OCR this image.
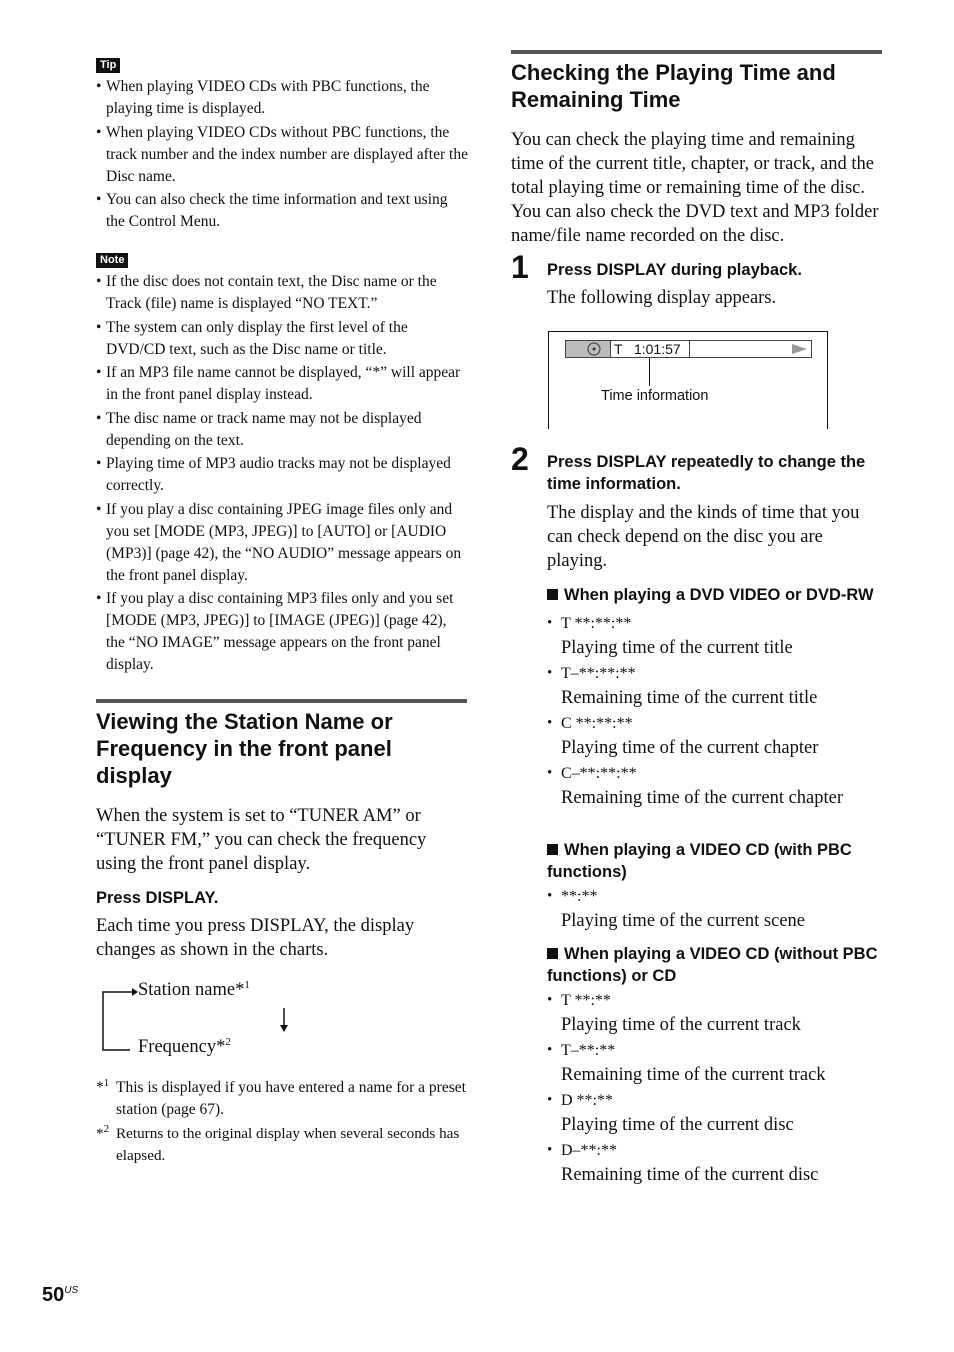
Tip
• When playing VIDEO CDs with PBC functions, the playing time is displayed.
• When playing VIDEO CDs without PBC functions, the track number and the index number are displayed after the Disc name.
• You can also check the time information and text using the Control Menu.
Note
• If the disc does not contain text, the Disc name or the Track (file) name is displayed “NO TEXT.”
• The system can only display the first level of the DVD/CD text, such as the Disc name or title.
• If an MP3 file name cannot be displayed, “*” will appear in the front panel display instead.
• The disc name or track name may not be displayed depending on the text.
• Playing time of MP3 audio tracks may not be displayed correctly.
• If you play a disc containing JPEG image files only and you set [MODE (MP3, JPEG)] to [AUTO] or [AUDIO (MP3)] (page 42), the “NO AUDIO” message appears on the front panel display.
• If you play a disc containing MP3 files only and you set [MODE (MP3, JPEG)] to [IMAGE (JPEG)] (page 42), the “NO IMAGE” message appears on the front panel display.
Viewing the Station Name or Frequency in the front panel display

When the system is set to “TUNER AM” or “TUNER FM,” you can check the frequency using the front panel display.

Press DISPLAY.

Each time you press DISPLAY, the display changes as shown in the charts.

Station name*$^1$
Frequency*$^2$
*$^1$ This is displayed if you have entered a name for a preset station (page 67).
*$^2$ Returns to the original display when several seconds has elapsed.
Checking the Playing Time and Remaining Time

You can check the playing time and remaining time of the current title, chapter, or track, and the total playing time or remaining time of the disc. You can also check the DVD text and MP3 folder name/file name recorded on the disc.

1 Press DISPLAY during playback.

The following display appears.

T   1:01:57
Time information
2 Press DISPLAY repeatedly to change the time information.

The display and the kinds of time that you can check depend on the disc you are playing.

When playing a DVD VIDEO or DVD-RW
• T **:**:**
Playing time of the current title
• T–**:**:**
Remaining time of the current title
• C **:**:**
Playing time of the current chapter
• C–**:**:**
Remaining time of the current chapter
When playing a VIDEO CD (with PBC functions)
• **:**
Playing time of the current scene
When playing a VIDEO CD (without PBC functions) or CD
• T **:**
Playing time of the current track
• T–**:**
Remaining time of the current track
• D **:**
Playing time of the current disc
• D–**:**
Remaining time of the current disc
$50^{US}$
